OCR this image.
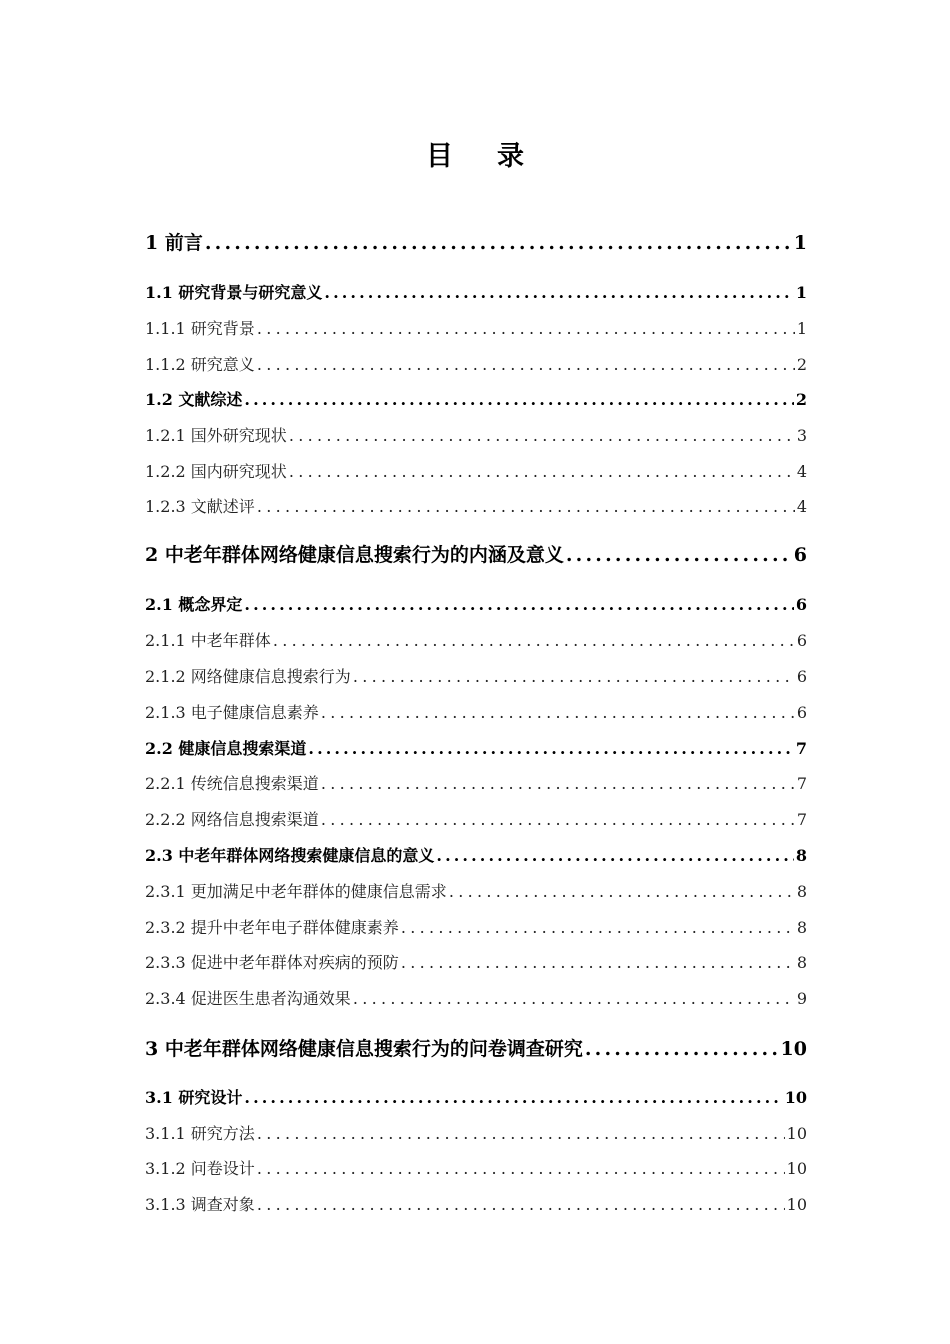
目 录
1 前言 .....	1
1.1 研究背景与研究意义 .....	1
1.1.1 研究背景 .....	1
1.1.2 研究意义 .....	2
1.2 文献综述 .....	2
1.2.1 国外研究现状 .....	3
1.2.2 国内研究现状 .....	4
1.2.3 文献述评 .....	4
2 中老年群体网络健康信息搜索行为的内涵及意义 .....	6
2.1 概念界定 .....	6
2.1.1 中老年群体 .....	6
2.1.2 网络健康信息搜索行为 .....	6
2.1.3 电子健康信息素养 .....	6
2.2 健康信息搜索渠道 .....	7
2.2.1 传统信息搜索渠道 .....	7
2.2.2 网络信息搜索渠道 .....	7
2.3 中老年群体网络搜索健康信息的意义 .....	8
2.3.1 更加满足中老年群体的健康信息需求 .....	8
2.3.2 提升中老年电子群体健康素养 .....	8
2.3.3 促进中老年群体对疾病的预防 .....	8
2.3.4 促进医生患者沟通效果 .....	9
3 中老年群体网络健康信息搜索行为的问卷调查研究 .....	10
3.1 研究设计 .....	10
3.1.1 研究方法 .....	10
3.1.2 问卷设计 .....	10
3.1.3 调查对象 .....	10
